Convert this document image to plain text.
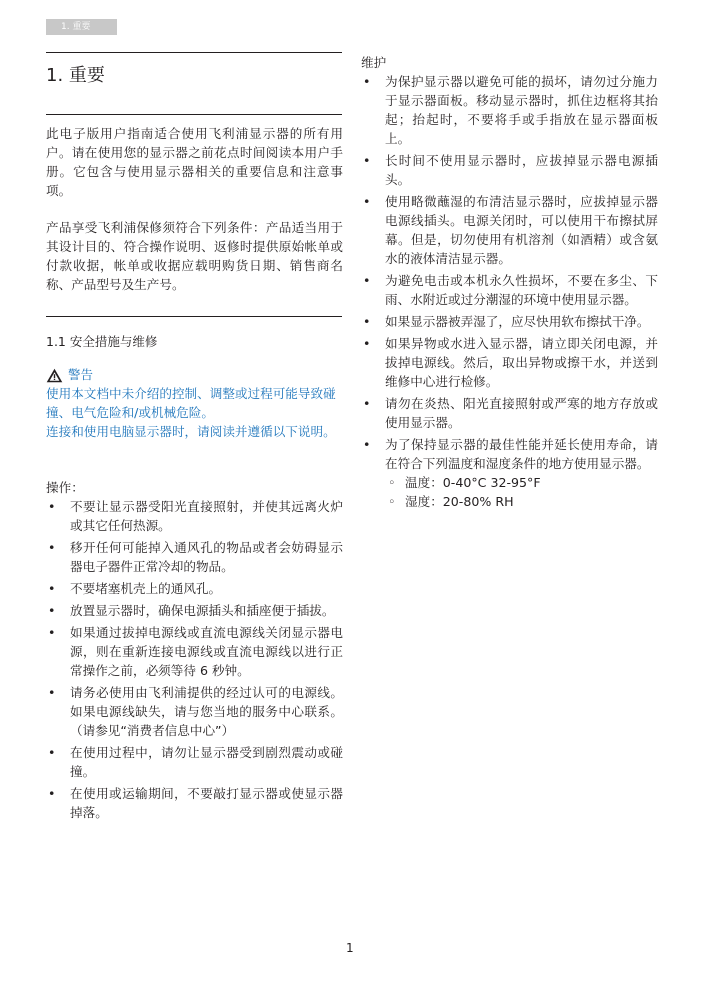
1. 重要
1. 重要

此电子版用户指南适合使用飞利浦显示器的所有用户。请在使用您的显示器之前花点时间阅读本用户手册。它包含与使用显示器相关的重要信息和注意事项。

产品享受飞利浦保修须符合下列条件：产品适当用于其设计目的、符合操作说明、返修时提供原始帐单或付款收据，帐单或收据应载明购货日期、销售商名称、产品型号及生产号。

1.1 安全措施与维修
警告

使用本文档中未介绍的控制、调整或过程可能导致碰撞、电气危险和/或机械危险。

连接和使用电脑显示器时，请阅读并遵循以下说明。

操作：

• 不要让显示器受阳光直接照射，并使其远离火炉或其它任何热源。
• 移开任何可能掉入通风孔的物品或者会妨碍显示器电子器件正常冷却的物品。
• 不要堵塞机壳上的通风孔。
• 放置显示器时，确保电源插头和插座便于插拔。
• 如果通过拔掉电源线或直流电源线关闭显示器电源，则在重新连接电源线或直流电源线以进行正常操作之前，必须等待 6 秒钟。
• 请务必使用由飞利浦提供的经过认可的电源线。如果电源线缺失，请与您当地的服务中心联系。（请参见“消费者信息中心”）
• 在使用过程中，请勿让显示器受到剧烈震动或碰撞。
• 在使用或运输期间，不要敲打显示器或使显示器掉落。

维护

• 为保护显示器以避免可能的损坏，请勿过分施力于显示器面板。移动显示器时，抓住边框将其抬起；抬起时，不要将手或手指放在显示器面板上。
• 长时间不使用显示器时，应拔掉显示器电源插头。
• 使用略微蘸湿的布清洁显示器时，应拔掉显示器电源线插头。电源关闭时，可以使用干布擦拭屏幕。但是，切勿使用有机溶剂（如酒精）或含氨水的液体清洁显示器。
• 为避免电击或本机永久性损坏，不要在多尘、下雨、水附近或过分潮湿的环境中使用显示器。
• 如果显示器被弄湿了，应尽快用软布擦拭干净。
• 如果异物或水进入显示器，请立即关闭电源，并拔掉电源线。然后，取出异物或擦干水，并送到维修中心进行检修。
• 请勿在炎热、阳光直接照射或严寒的地方存放或使用显示器。
• 为了保持显示器的最佳性能并延长使用寿命，请在符合下列温度和湿度条件的地方使用显示器。
◦ 温度：0-40°C 32-95°F
◦ 湿度：20-80% RH
1
